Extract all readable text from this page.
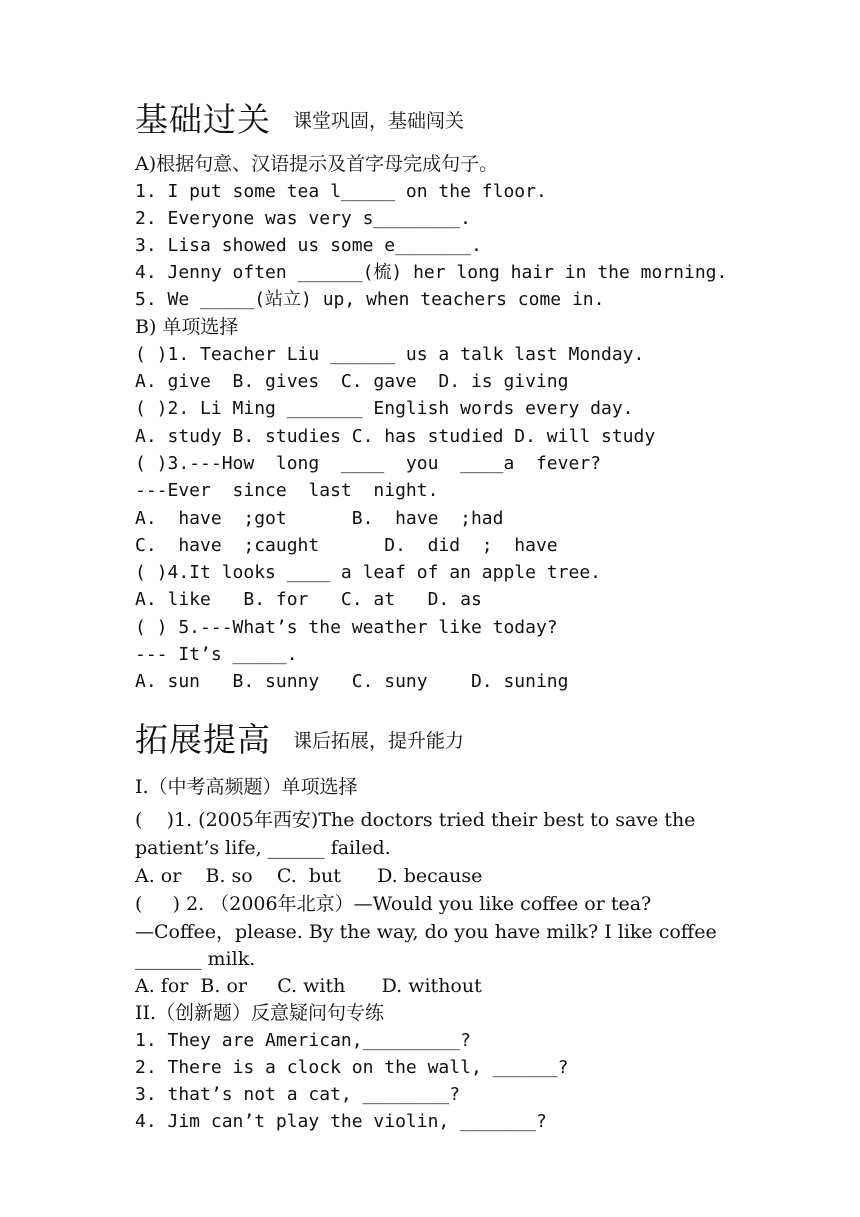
基础过关 课堂巩固，基础闯关
A)根据句意、汉语提示及首字母完成句子。
1. I put some tea l_____ on the floor.
2. Everyone was very s________.
3. Lisa showed us some e_______.
4. Jenny often ______(梳) her long hair in the morning.
5. We _____(站立) up, when teachers come in.
B) 单项选择
( )1. Teacher Liu ______ us a talk last Monday.
A. give  B. gives  C. gave  D. is giving
( )2. Li Ming _______ English words every day.
A. study B. studies C. has studied D. will study
( )3.---How  long  ____  you  ____a  fever?
---Ever  since  last  night.
A.  have  ;got      B.  have  ;had
C.  have  ;caught      D.  did  ;  have
( )4.It looks ____ a leaf of an apple tree.
A. like   B. for   C. at   D. as
( ) 5.---What’s the weather like today?
--- It’s _____.
A. sun   B. sunny   C. suny    D. suning
拓展提高 课后拓展，提升能力
Ⅰ.（中考高频题）单项选择
(    )1. (2005年西安)The doctors tried their best to save the
patient’s life, ______ failed.
A. or    B. so    C.  but      D. because
(     ) 2. （2006年北京）—Would you like coffee or tea?
—Coffee，please. By the way, do you have milk? I like coffee
_______ milk.
A. for  B. or     C. with      D. without
II.（创新题）反意疑问句专练
1. They are American,_________?
2. There is a clock on the wall, ______?
3. that’s not a cat, ________?
4. Jim can’t play the violin, _______?
